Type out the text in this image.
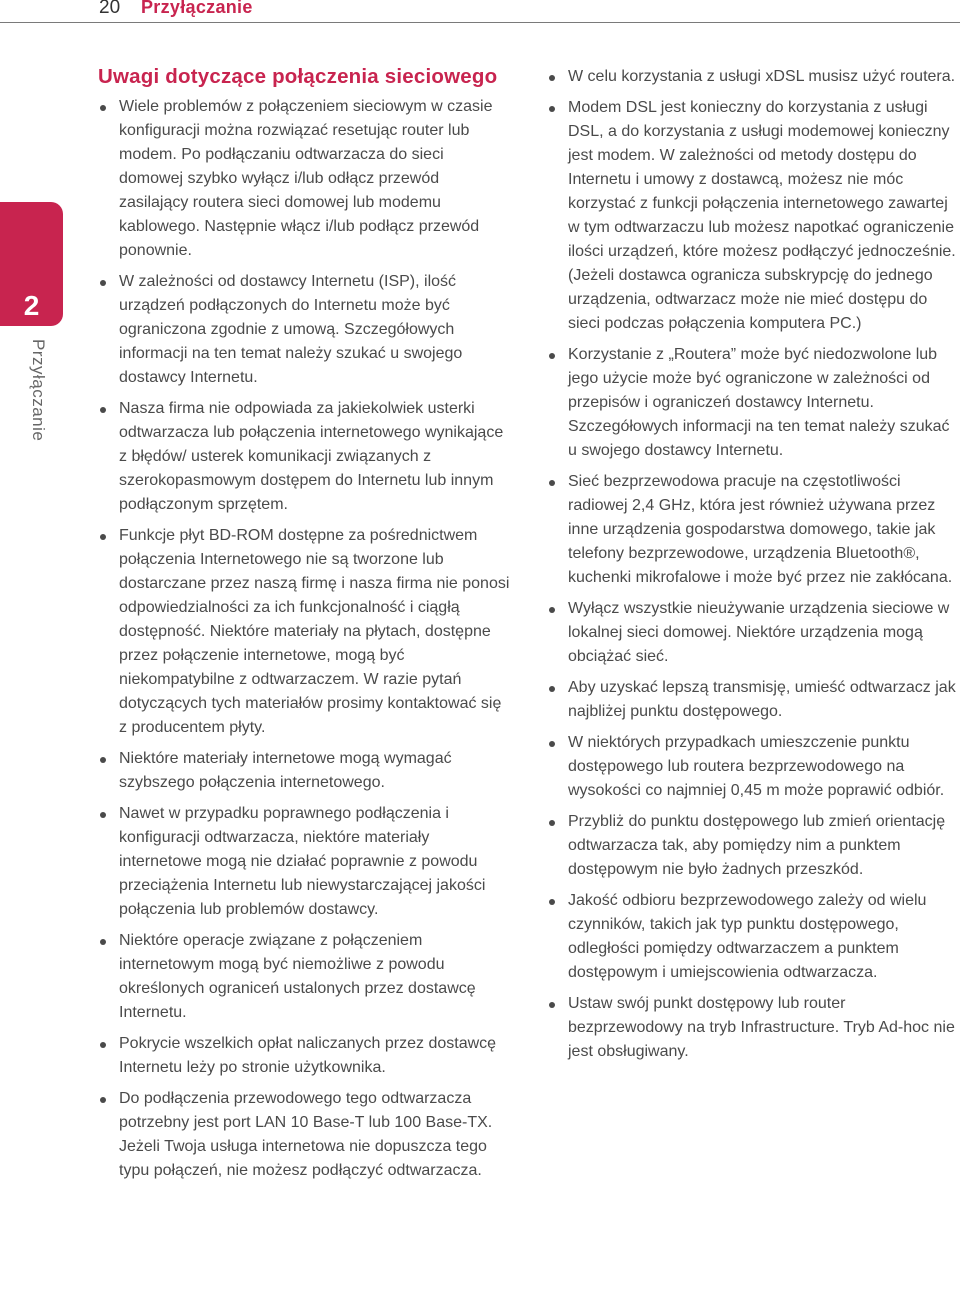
20 Przyłączanie
2
Przyłączanie
Uwagi dotyczące połączenia sieciowego
Wiele problemów z połączeniem sieciowym w czasie konfiguracji można rozwiązać resetując router lub modem. Po podłączaniu odtwarzacza do sieci domowej szybko wyłącz i/lub odłącz przewód zasilający routera sieci domowej lub modemu kablowego. Następnie włącz i/lub podłącz przewód ponownie.
W zależności od dostawcy Internetu (ISP), ilość urządzeń podłączonych do Internetu może być ograniczona zgodnie z umową. Szczegółowych informacji na ten temat należy szukać u swojego dostawcy Internetu.
Nasza firma nie odpowiada za jakiekolwiek usterki odtwarzacza lub połączenia internetowego wynikające z błędów/ usterek komunikacji związanych z szerokopasmowym dostępem do Internetu lub innym podłączonym sprzętem.
Funkcje płyt BD-ROM dostępne za pośrednictwem połączenia Internetowego nie są tworzone lub dostarczane przez naszą firmę i nasza firma nie ponosi odpowiedzialności za ich funkcjonalność i ciągłą dostępność. Niektóre materiały na płytach, dostępne przez połączenie internetowe, mogą być niekompatybilne z odtwarzaczem. W razie pytań dotyczących tych materiałów prosimy kontaktować się z producentem płyty.
Niektóre materiały internetowe mogą wymagać szybszego połączenia internetowego.
Nawet w przypadku poprawnego podłączenia i konfiguracji odtwarzacza, niektóre materiały internetowe mogą nie działać poprawnie z powodu przeciążenia Internetu lub niewystarczającej jakości połączenia lub problemów dostawcy.
Niektóre operacje związane z połączeniem internetowym mogą być niemożliwe z powodu określonych ograniceń ustalonych przez dostawcę Internetu.
Pokrycie wszelkich opłat naliczanych przez dostawcę Internetu leży po stronie użytkownika.
Do podłączenia przewodowego tego odtwarzacza potrzebny jest port LAN 10 Base-T lub 100 Base-TX. Jeżeli Twoja usługa internetowa nie dopuszcza tego typu połączeń, nie możesz podłączyć odtwarzacza.
W celu korzystania z usługi xDSL musisz użyć routera.
Modem DSL jest konieczny do korzystania z usługi DSL, a do korzystania z usługi modemowej konieczny jest modem. W zależności od metody dostępu do Internetu i umowy z dostawcą, możesz nie móc korzystać z funkcji połączenia internetowego zawartej w tym odtwarzaczu lub możesz napotkać ograniczenie ilości urządzeń, które możesz podłączyć jednocześnie. (Jeżeli dostawca ogranicza subskrypcję do jednego urządzenia, odtwarzacz może nie mieć dostępu do sieci podczas połączenia komputera PC.)
Korzystanie z „Routera” może być niedozwolone lub jego użycie może być ograniczone w zależności od przepisów i ograniczeń dostawcy Internetu. Szczegółowych informacji na ten temat należy szukać u swojego dostawcy Internetu.
Sieć bezprzewodowa pracuje na częstotliwości radiowej 2,4 GHz, która jest również używana przez inne urządzenia gospodarstwa domowego, takie jak telefony bezprzewodowe, urządzenia Bluetooth®, kuchenki mikrofalowe i może być przez nie zakłócana.
Wyłącz wszystkie nieużywanie urządzenia sieciowe w lokalnej sieci domowej. Niektóre urządzenia mogą obciążać sieć.
Aby uzyskać lepszą transmisję, umieść odtwarzacz jak najbliżej punktu dostępowego.
W niektórych przypadkach umieszczenie punktu dostępowego lub routera bezprzewodowego na wysokości co najmniej 0,45 m może poprawić odbiór.
Przybliż do punktu dostępowego lub zmień orientację odtwarzacza tak, aby pomiędzy nim a punktem dostępowym nie było żadnych przeszkód.
Jakość odbioru bezprzewodowego zależy od wielu czynników, takich jak typ punktu dostępowego, odległości pomiędzy odtwarzaczem a punktem dostępowym i umiejscowienia odtwarzacza.
Ustaw swój punkt dostępowy lub router bezprzewodowy na tryb Infrastructure. Tryb Ad-hoc nie jest obsługiwany.
